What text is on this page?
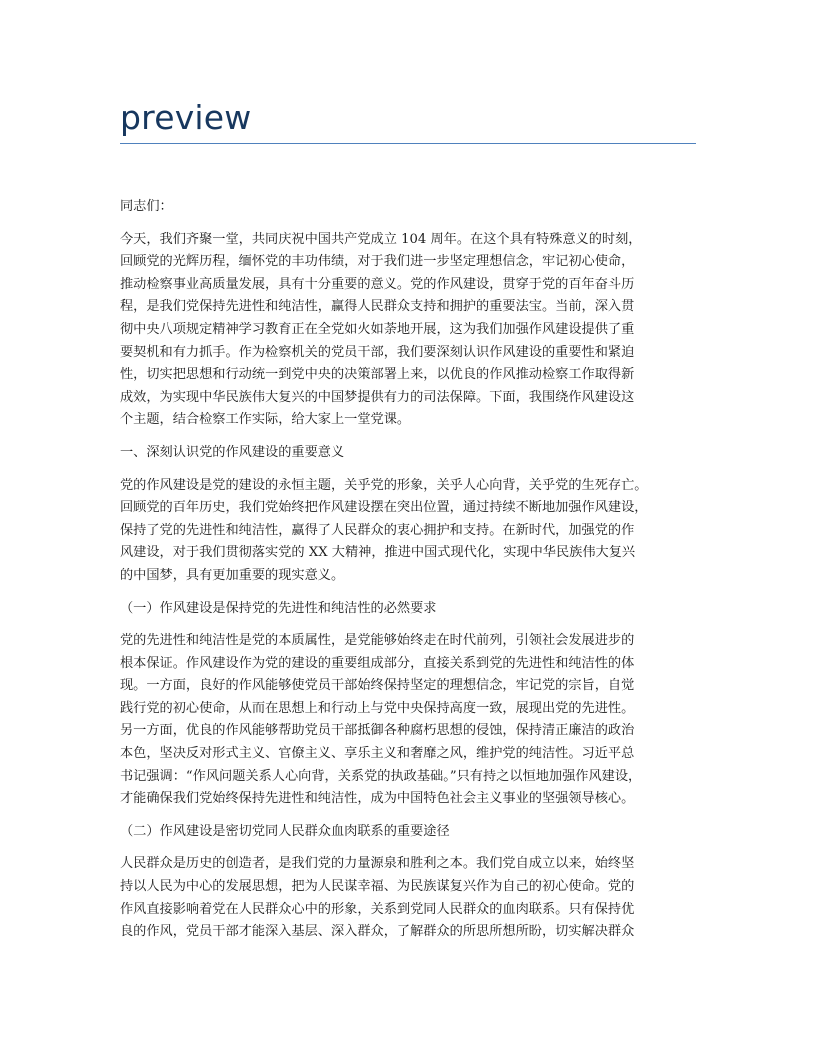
preview

同志们：

今天，我们齐聚一堂，共同庆祝中国共产党成立 104 周年。在这个具有特殊意义的时刻，
回顾党的光辉历程，缅怀党的丰功伟绩，对于我们进一步坚定理想信念，牢记初心使命，
推动检察事业高质量发展，具有十分重要的意义。党的作风建设，贯穿于党的百年奋斗历
程，是我们党保持先进性和纯洁性，赢得人民群众支持和拥护的重要法宝。当前，深入贯
彻中央八项规定精神学习教育正在全党如火如荼地开展，这为我们加强作风建设提供了重
要契机和有力抓手。作为检察机关的党员干部，我们要深刻认识作风建设的重要性和紧迫
性，切实把思想和行动统一到党中央的决策部署上来，以优良的作风推动检察工作取得新
成效，为实现中华民族伟大复兴的中国梦提供有力的司法保障。下面，我围绕作风建设这
个主题，结合检察工作实际，给大家上一堂党课。

一、深刻认识党的作风建设的重要意义

党的作风建设是党的建设的永恒主题，关乎党的形象，关乎人心向背，关乎党的生死存亡。
回顾党的百年历史，我们党始终把作风建设摆在突出位置，通过持续不断地加强作风建设，
保持了党的先进性和纯洁性，赢得了人民群众的衷心拥护和支持。在新时代，加强党的作
风建设，对于我们贯彻落实党的 XX 大精神，推进中国式现代化，实现中华民族伟大复兴
的中国梦，具有更加重要的现实意义。

（一）作风建设是保持党的先进性和纯洁性的必然要求

党的先进性和纯洁性是党的本质属性，是党能够始终走在时代前列，引领社会发展进步的
根本保证。作风建设作为党的建设的重要组成部分，直接关系到党的先进性和纯洁性的体
现。一方面，良好的作风能够使党员干部始终保持坚定的理想信念，牢记党的宗旨，自觉
践行党的初心使命，从而在思想上和行动上与党中央保持高度一致，展现出党的先进性。
另一方面，优良的作风能够帮助党员干部抵御各种腐朽思想的侵蚀，保持清正廉洁的政治
本色，坚决反对形式主义、官僚主义、享乐主义和奢靡之风，维护党的纯洁性。习近平总
书记强调：“作风问题关系人心向背，关系党的执政基础。”只有持之以恒地加强作风建设，
才能确保我们党始终保持先进性和纯洁性，成为中国特色社会主义事业的坚强领导核心。

（二）作风建设是密切党同人民群众血肉联系的重要途径

人民群众是历史的创造者，是我们党的力量源泉和胜利之本。我们党自成立以来，始终坚
持以人民为中心的发展思想，把为人民谋幸福、为民族谋复兴作为自己的初心使命。党的
作风直接影响着党在人民群众心中的形象，关系到党同人民群众的血肉联系。只有保持优
良的作风，党员干部才能深入基层、深入群众，了解群众的所思所想所盼，切实解决群众
